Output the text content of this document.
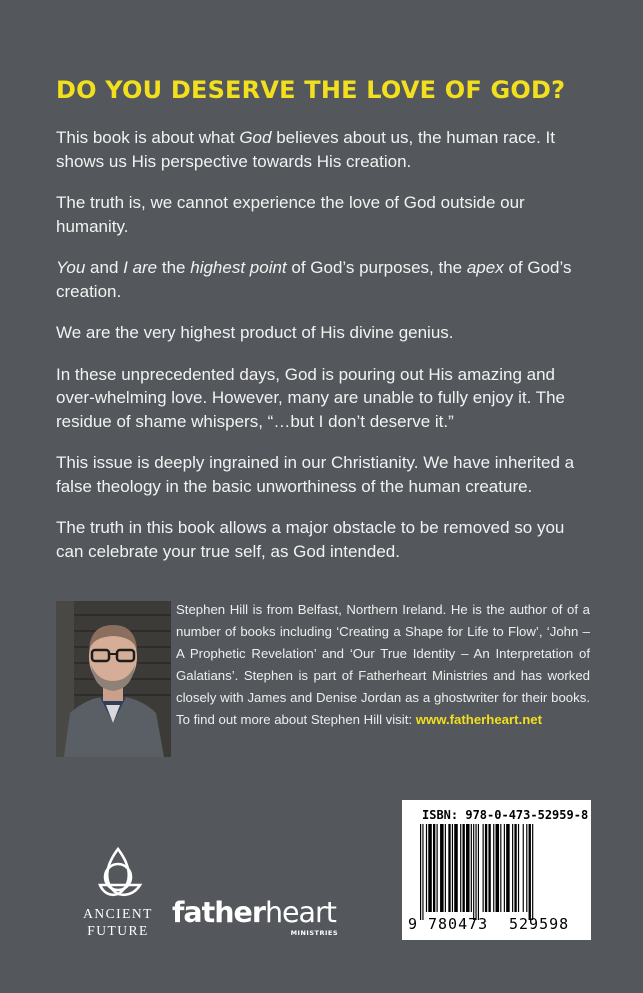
DO YOU DESERVE THE LOVE OF GOD?

This book is about what God believes about us, the human race. It shows us His perspective towards His creation.

The truth is, we cannot experience the love of God outside our humanity.

You and I are the highest point of God’s purposes, the apex of God’s creation.

We are the very highest product of His divine genius.

In these unprecedented days, God is pouring out His amazing and over-whelming love. However, many are unable to fully enjoy it. The residue of shame whispers, “…but I don’t deserve it.”

This issue is deeply ingrained in our Christianity. We have inherited a false theology in the basic unworthiness of the human creature.

The truth in this book allows a major obstacle to be removed so you can celebrate your true self, as God intended.

Stephen Hill is from Belfast, Northern Ireland. He is the author of of a number of books including ‘Creating a Shape for Life to Flow’, ‘John – A Prophetic Revelation’ and ‘Our True Identity – An Interpretation of Galatians’. Stephen is part of Fatherheart Ministries and has worked closely with James and Denise Jordan as a ghostwriter for their books. To find out more about Stephen Hill visit: www.fatherheart.net
ANCIENT
FUTURE
fatherheart
MINISTRIES
ISBN: 978-0-473-52959-8
9 780473 529598
